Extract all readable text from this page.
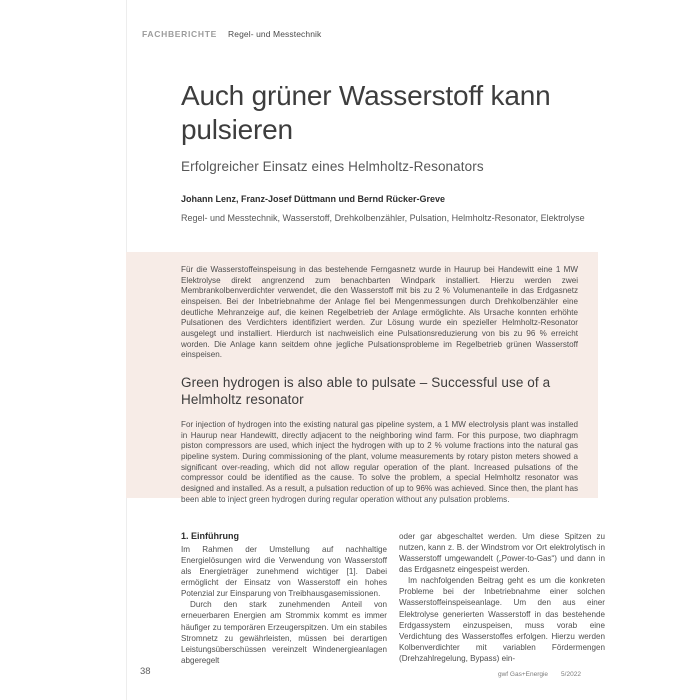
FACHBERICHTE Regel- und Messtechnik
Auch grüner Wasserstoff kann pulsieren
Erfolgreicher Einsatz eines Helmholtz-Resonators
Johann Lenz, Franz-Josef Düttmann und Bernd Rücker-Greve
Regel- und Messtechnik, Wasserstoff, Drehkolbenzähler, Pulsation, Helmholtz-Resonator, Elektrolyse

Für die Wasserstoffeinspeisung in das bestehende Ferngasnetz wurde in Haurup bei Handewitt eine 1 MW Elektrolyse direkt angrenzend zum benachbarten Windpark installiert. Hierzu werden zwei Membrankolbenverdichter verwendet, die den Wasserstoff mit bis zu 2 % Volumenanteile in das Erdgasnetz einspeisen. Bei der Inbetriebnahme der Anlage fiel bei Mengenmessungen durch Drehkolbenzähler eine deutliche Mehranzeige auf, die keinen Regelbetrieb der Anlage ermöglichte. Als Ursache konnten erhöhte Pulsationen des Verdichters identifiziert werden. Zur Lösung wurde ein spezieller Helmholtz-Resonator ausgelegt und installiert. Hierdurch ist nachweislich eine Pulsationsreduzierung von bis zu 96 % erreicht worden. Die Anlage kann seitdem ohne jegliche Pulsationsprobleme im Regelbetrieb grünen Wasserstoff einspeisen.

Green hydrogen is also able to pulsate – Successful use of a Helmholtz resonator

For injection of hydrogen into the existing natural gas pipeline system, a 1 MW electrolysis plant was installed in Haurup near Handewitt, directly adjacent to the neighboring wind farm. For this purpose, two diaphragm piston compressors are used, which inject the hydrogen with up to 2 % volume fractions into the natural gas pipeline system. During commissioning of the plant, volume measurements by rotary piston meters showed a significant over-reading, which did not allow regular operation of the plant. Increased pulsations of the compressor could be identified as the cause. To solve the problem, a special Helmholtz resonator was designed and installed. As a result, a pulsation reduction of up to 96% was achieved. Since then, the plant has been able to inject green hydrogen during regular operation without any pulsation problems.

1. Einführung

Im Rahmen der Umstellung auf nachhaltige Energielösungen wird die Verwendung von Wasserstoff als Energieträger zunehmend wichtiger [1]. Dabei ermöglicht der Einsatz von Wasserstoff ein hohes Potenzial zur Einsparung von Treibhausgasemissionen.

Durch den stark zunehmenden Anteil von erneuerbaren Energien am Strommix kommt es immer häufiger zu temporären Erzeugerspitzen. Um ein stabiles Stromnetz zu gewährleisten, müssen bei derartigen Leistungsüberschüssen vereinzelt Windenergieanlagen abgeregelt

oder gar abgeschaltet werden. Um diese Spitzen zu nutzen, kann z. B. der Windstrom vor Ort elektrolytisch in Wasserstoff umgewandelt („Power-to-Gas“) und dann in das Erdgasnetz eingespeist werden.

Im nachfolgenden Beitrag geht es um die konkreten Probleme bei der Inbetriebnahme einer solchen Wasserstoffeinspeiseanlage. Um den aus einer Elektrolyse generierten Wasserstoff in das bestehende Erdgassystem einzuspeisen, muss vorab eine Verdichtung des Wasserstoffes erfolgen. Hierzu werden Kolbenverdichter mit variablen Fördermengen (Drehzahlregelung, Bypass) ein-

38	gwf Gas+Energie 5/2022
